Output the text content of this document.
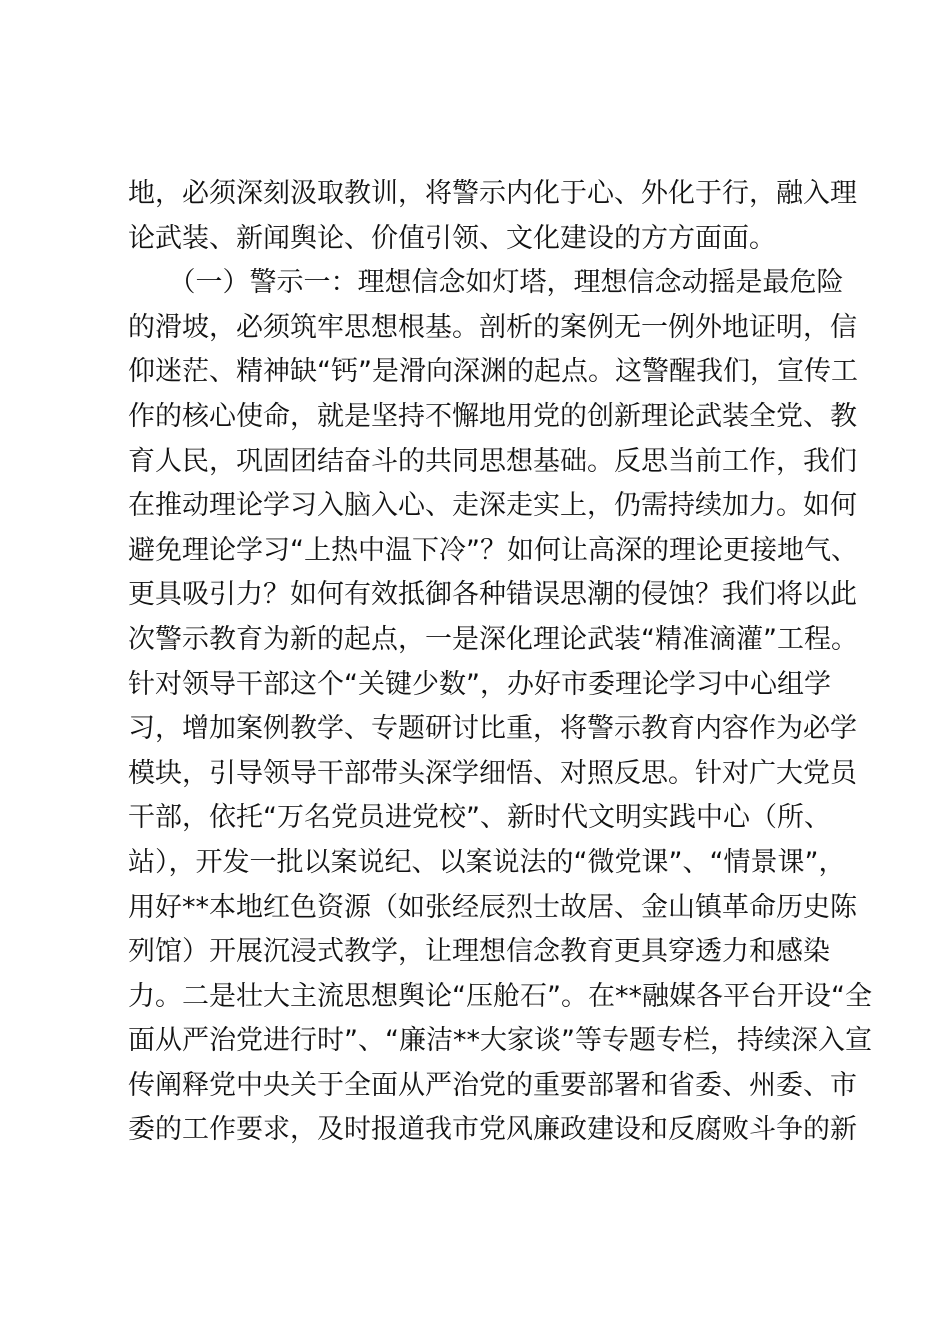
地，必须深刻汲取教训，将警示内化于心、外化于行，融入理
论武装、新闻舆论、价值引领、文化建设的方方面面。
　　（一）警示一：理想信念如灯塔，理想信念动摇是最危险
的滑坡，必须筑牢思想根基。剖析的案例无一例外地证明，信
仰迷茫、精神缺“钙”是滑向深渊的起点。这警醒我们，宣传工
作的核心使命，就是坚持不懈地用党的创新理论武装全党、教
育人民，巩固团结奋斗的共同思想基础。反思当前工作，我们
在推动理论学习入脑入心、走深走实上，仍需持续加力。如何
避免理论学习“上热中温下冷”？如何让高深的理论更接地气、
更具吸引力？如何有效抵御各种错误思潮的侵蚀？我们将以此
次警示教育为新的起点，一是深化理论武装“精准滴灌”工程。
针对领导干部这个“关键少数”，办好市委理论学习中心组学
习，增加案例教学、专题研讨比重，将警示教育内容作为必学
模块，引导领导干部带头深学细悟、对照反思。针对广大党员
干部，依托“万名党员进党校”、新时代文明实践中心（所、
站），开发一批以案说纪、以案说法的“微党课”、“情景课”，
用好**本地红色资源（如张经辰烈士故居、金山镇革命历史陈
列馆）开展沉浸式教学，让理想信念教育更具穿透力和感染
力。二是壮大主流思想舆论“压舱石”。在**融媒各平台开设“全
面从严治党进行时”、“廉洁**大家谈”等专题专栏，持续深入宣
传阐释党中央关于全面从严治党的重要部署和省委、州委、市
委的工作要求，及时报道我市党风廉政建设和反腐败斗争的新
